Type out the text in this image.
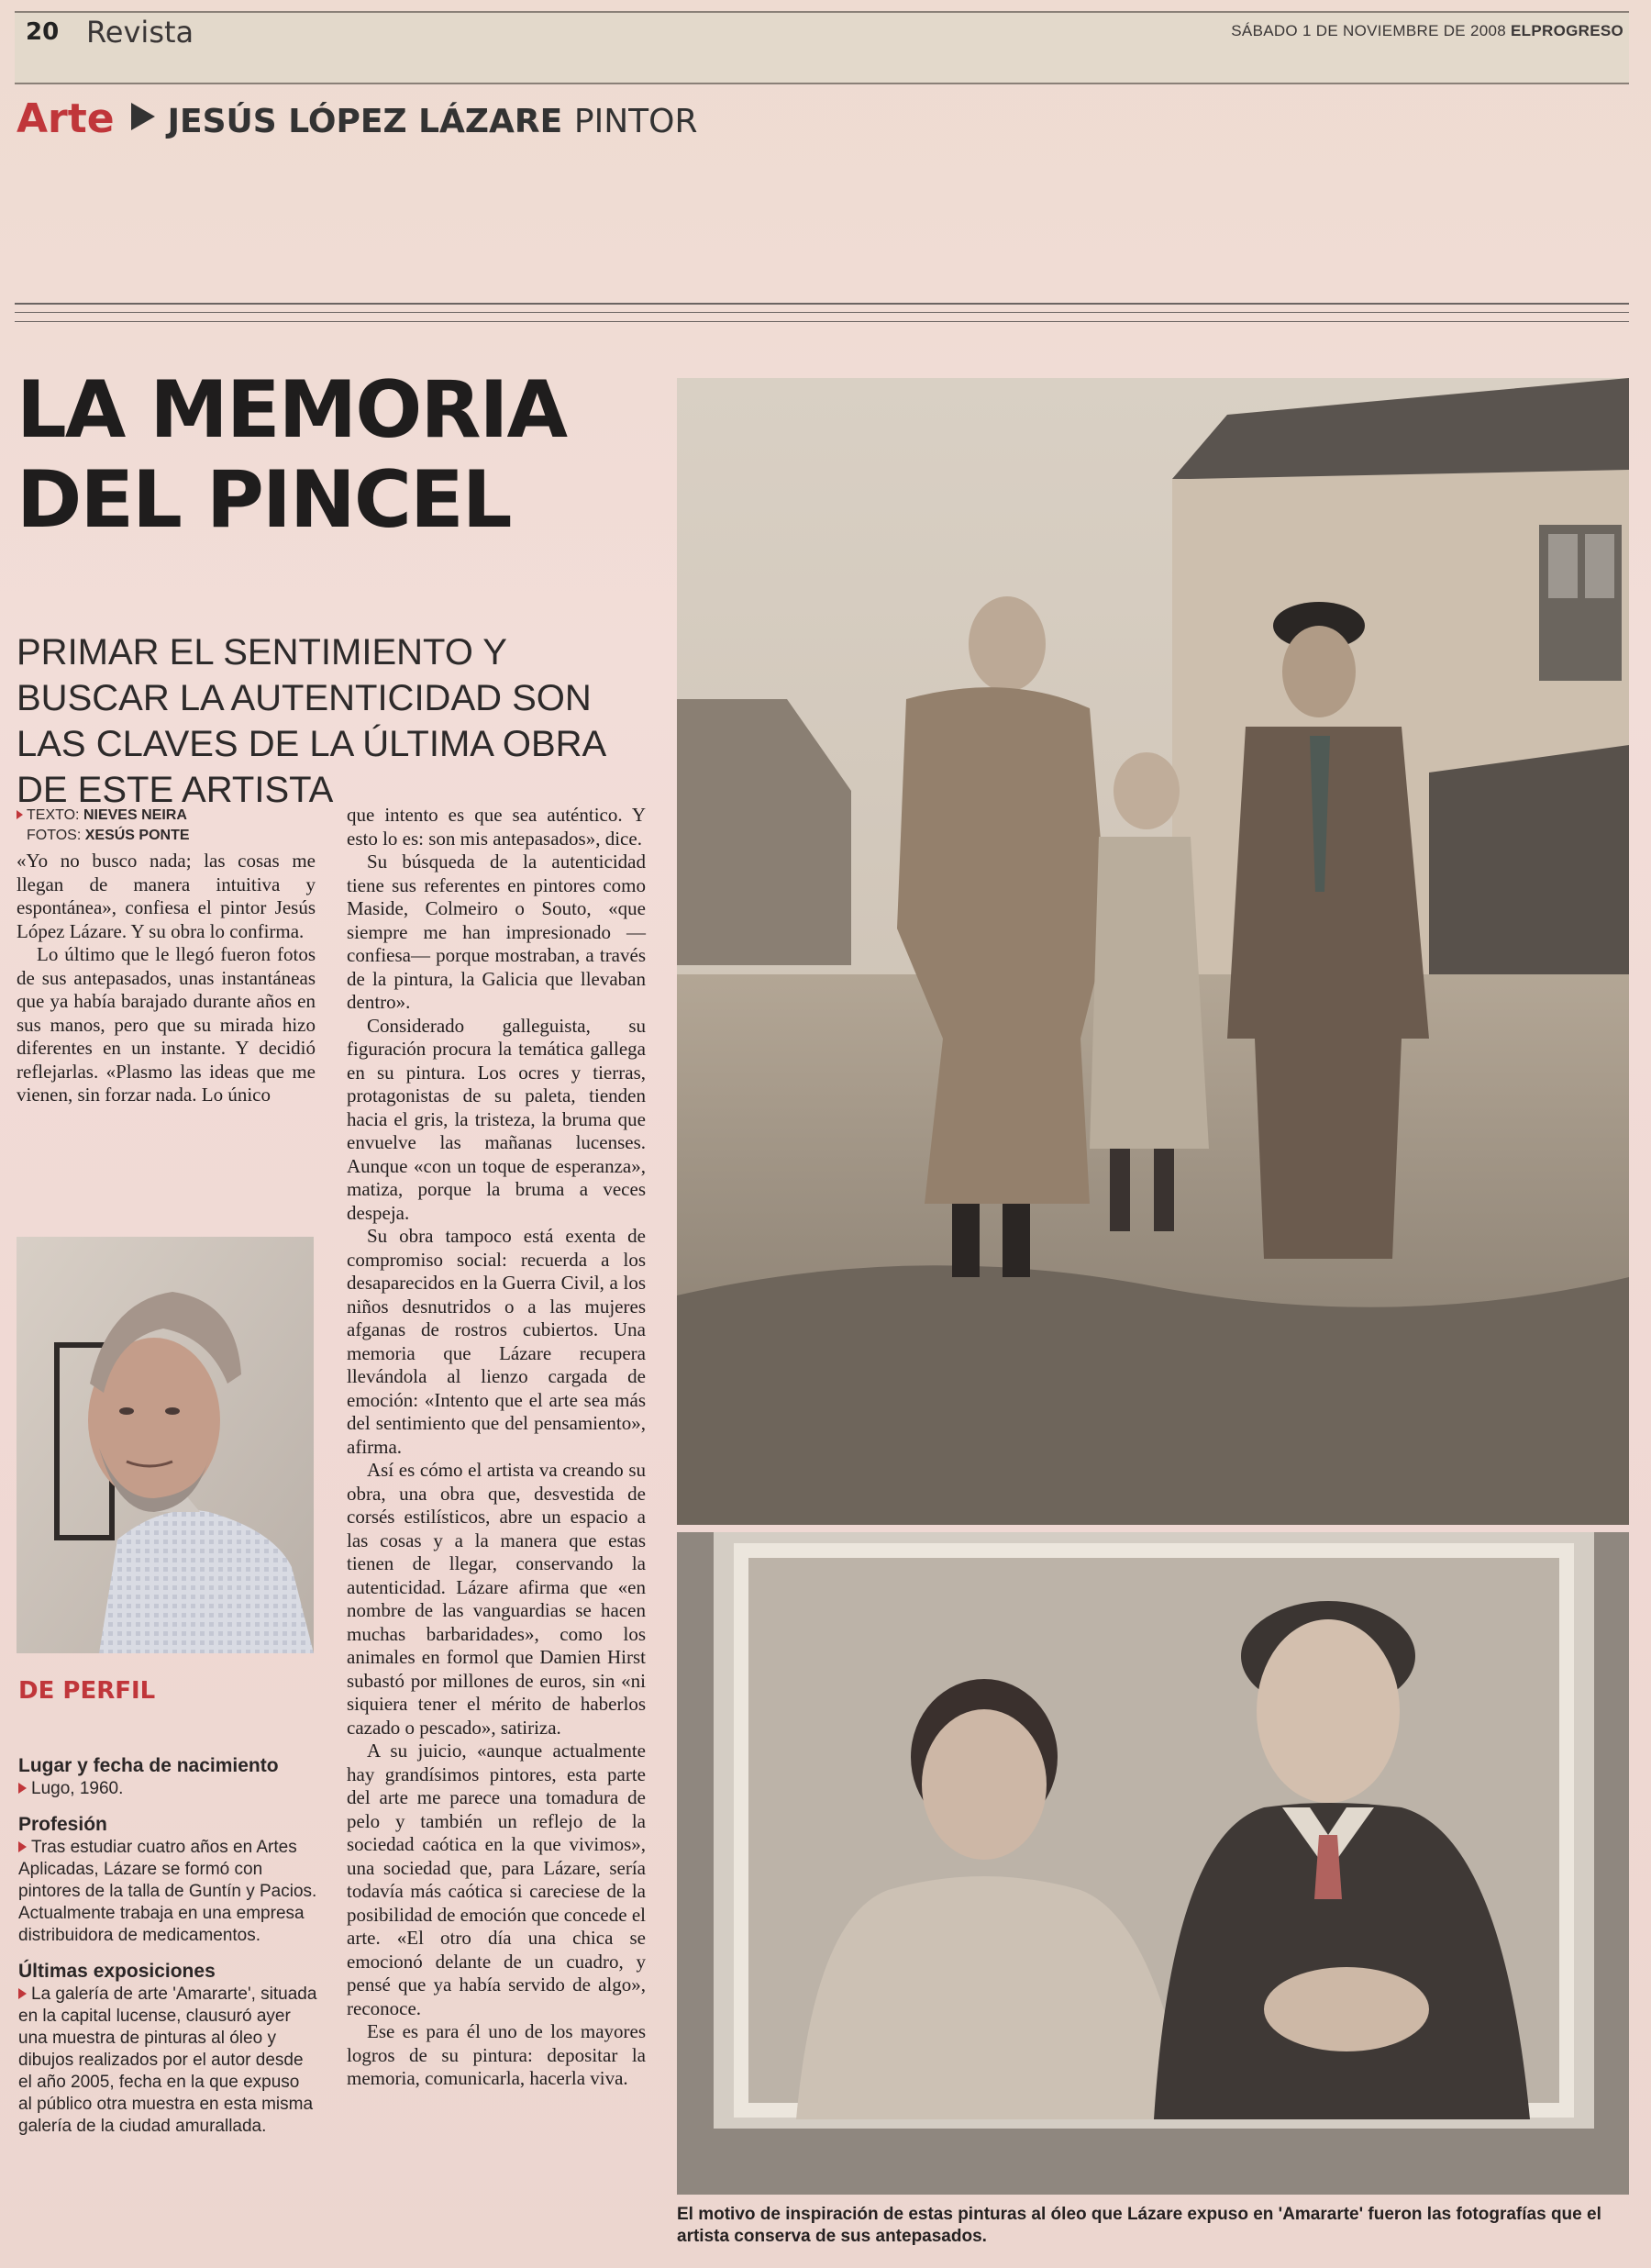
20 Revista	SÁBADO 1 DE NOVIEMBRE DE 2008 ELPROGRESO
Arte JESÚS LÓPEZ LÁZARE PINTOR
LA MEMORIA
DEL PINCEL
PRIMAR EL SENTIMIENTO Y BUSCAR LA AUTENTICIDAD SON LAS CLAVES DE LA ÚLTIMA OBRA DE ESTE ARTISTA
TEXTO: NIEVES NEIRA
FOTOS: XESÚS PONTE

«Yo no busco nada; las cosas me llegan de manera intuitiva y espontánea», confiesa el pintor Jesús López Lázare. Y su obra lo confirma.

Lo último que le llegó fueron fotos de sus antepasados, unas instantáneas que ya había barajado durante años en sus manos, pero que su mirada hizo diferentes en un instante. Y decidió reflejarlas. «Plasmo las ideas que me vienen, sin forzar nada. Lo único

que intento es que sea auténtico. Y esto lo es: son mis antepasados», dice.

Su búsqueda de la autenticidad tiene sus referentes en pintores como Maside, Colmeiro o Souto, «que siempre me han impresionado —confiesa— porque mostraban, a través de la pintura, la Galicia que llevaban dentro».

Considerado galleguista, su figuración procura la temática gallega en su pintura. Los ocres y tierras, protagonistas de su paleta, tienden hacia el gris, la tristeza, la bruma que envuelve las mañanas lucenses. Aunque «con un toque de esperanza», matiza, porque la bruma a veces despeja.

Su obra tampoco está exenta de compromiso social: recuerda a los desaparecidos en la Guerra Civil, a los niños desnutridos o a las mujeres afganas de rostros cubiertos. Una memoria que Lázare recupera llevándola al lienzo cargada de emoción: «Intento que el arte sea más del sentimiento que del pensamiento», afirma.

Así es cómo el artista va creando su obra, una obra que, desvestida de corsés estilísticos, abre un espacio a las cosas y a la manera que estas tienen de llegar, conservando la autenticidad. Lázare afirma que «en nombre de las vanguardias se hacen muchas barbaridades», como los animales en formol que Damien Hirst subastó por millones de euros, sin «ni siquiera tener el mérito de haberlos cazado o pescado», satiriza.

A su juicio, «aunque actualmente hay grandísimos pintores, esta parte del arte me parece una tomadura de pelo y también un reflejo de la sociedad caótica en la que vivimos», una sociedad que, para Lázare, sería todavía más caótica si careciese de la posibilidad de emoción que concede el arte. «El otro día una chica se emocionó delante de un cuadro, y pensé que ya había servido de algo», reconoce.

Ese es para él uno de los mayores logros de su pintura: depositar la memoria, comunicarla, hacerla viva.

DE PERFIL
Lugar y fecha de nacimiento

Lugo, 1960.

Profesión

Tras estudiar cuatro años en Artes Aplicadas, Lázare se formó con pintores de la talla de Guntín y Pacios. Actualmente trabaja en una empresa distribuidora de medicamentos.

Últimas exposiciones

La galería de arte 'Amararte', situada en la capital lucense, clausuró ayer una muestra de pinturas al óleo y dibujos realizados por el autor desde el año 2005, fecha en la que expuso al público otra muestra en esta misma galería de la ciudad amurallada.

El motivo de inspiración de estas pinturas al óleo que Lázare expuso en 'Amararte' fueron las fotografías que el artista conserva de sus antepasados.
